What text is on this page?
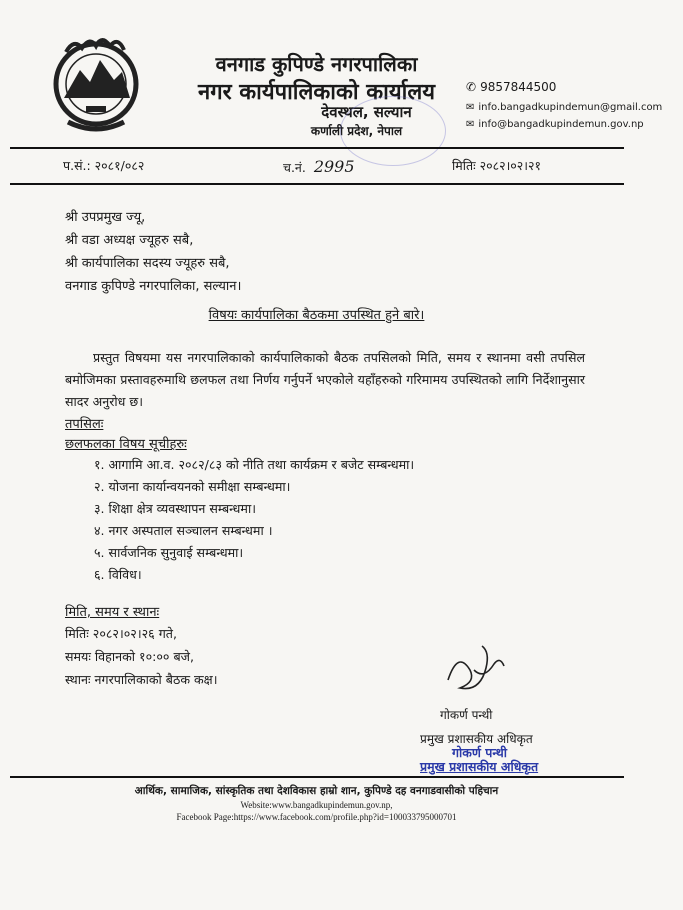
वनगाड कुपिण्डे नगरपालिका
नगर कार्यपालिकाको कार्यालय
देवस्थल, सल्यान
कर्णाली प्रदेश, नेपाल
✆ 9857844500
✉ info.bangadkupindemun@gmail.com
✉ info@bangadkupindemun.gov.np
प.सं.: २०८१/०८२	च.नं. 2995	मितिः २०८२।०२।२१
श्री उपप्रमुख ज्यू,
श्री वडा अध्यक्ष ज्यूहरु सबै,
श्री कार्यपालिका सदस्य ज्यूहरु सबै,
वनगाड कुपिण्डे नगरपालिका, सल्यान।
विषयः कार्यपालिका बैठकमा उपस्थित हुने बारे।
प्रस्तुत विषयमा यस नगरपालिकाको कार्यपालिकाको बैठक तपसिलको मिति, समय र स्थानमा वसी तपसिल बमोजिमका प्रस्तावहरुमाथि छलफल तथा निर्णय गर्नुपर्ने भएकोले यहाँहरुको गरिमामय उपस्थितको लागि निर्देशानुसार सादर अनुरोध छ।
तपसिलः
छलफलका विषय सूचीहरुः
१. आगामि आ.व. २०८२/८३ को नीति तथा कार्यक्रम र बजेट सम्बन्धमा।
२. योजना कार्यान्वयनको समीक्षा सम्बन्धमा।
३. शिक्षा क्षेत्र व्यवस्थापन सम्बन्धमा।
४. नगर अस्पताल सञ्चालन सम्बन्धमा ।
५. सार्वजनिक सुनुवाई सम्बन्धमा।
६. विविध।
मिति, समय र स्थानः
मितिः २०८२।०२।२६ गते,
समयः विहानको १०:०० बजे,
स्थानः नगरपालिकाको बैठक कक्ष।
गोकर्ण पन्थी
प्रमुख प्रशासकीय अधिकृत
गोकर्ण पन्थी
प्रमुख प्रशासकीय अधिकृत
आर्थिक, सामाजिक, सांस्कृतिक तथा देशविकास हाम्रो शान, कुपिण्डे दह वनगाडवासीको पहिचान
Website:www.bangadkupindemun.gov.np,
Facebook Page:https://www.facebook.com/profile.php?id=100033795000701
